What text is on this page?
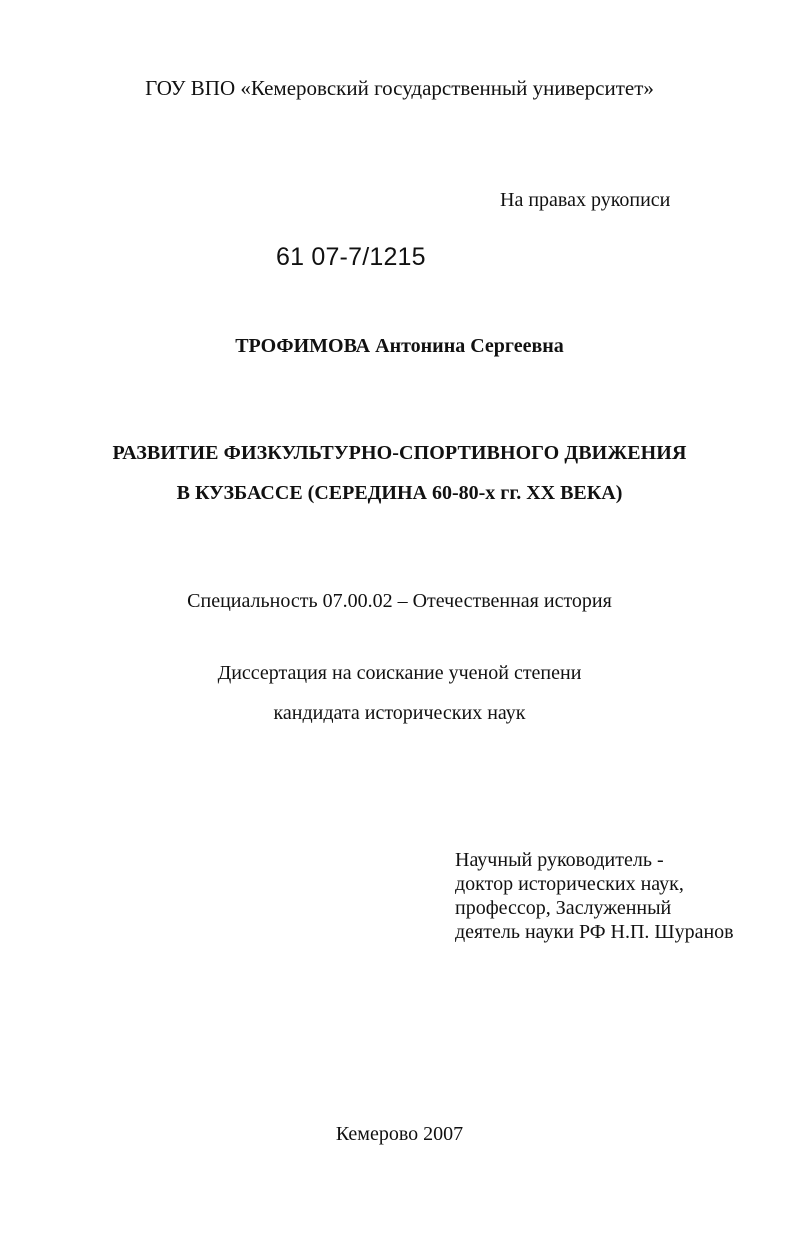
ГОУ ВПО «Кемеровский государственный университет»
На правах рукописи
61 07-7/1215
ТРОФИМОВА Антонина Сергеевна
РАЗВИТИЕ ФИЗКУЛЬТУРНО-СПОРТИВНОГО ДВИЖЕНИЯ
В КУЗБАССЕ (СЕРЕДИНА 60-80-х гг. XX ВЕКА)
Специальность 07.00.02 – Отечественная история
Диссертация на соискание ученой степени
кандидата исторических наук
Научный руководитель -
доктор исторических наук,
профессор, Заслуженный
деятель науки РФ Н.П. Шуранов
Кемерово 2007
